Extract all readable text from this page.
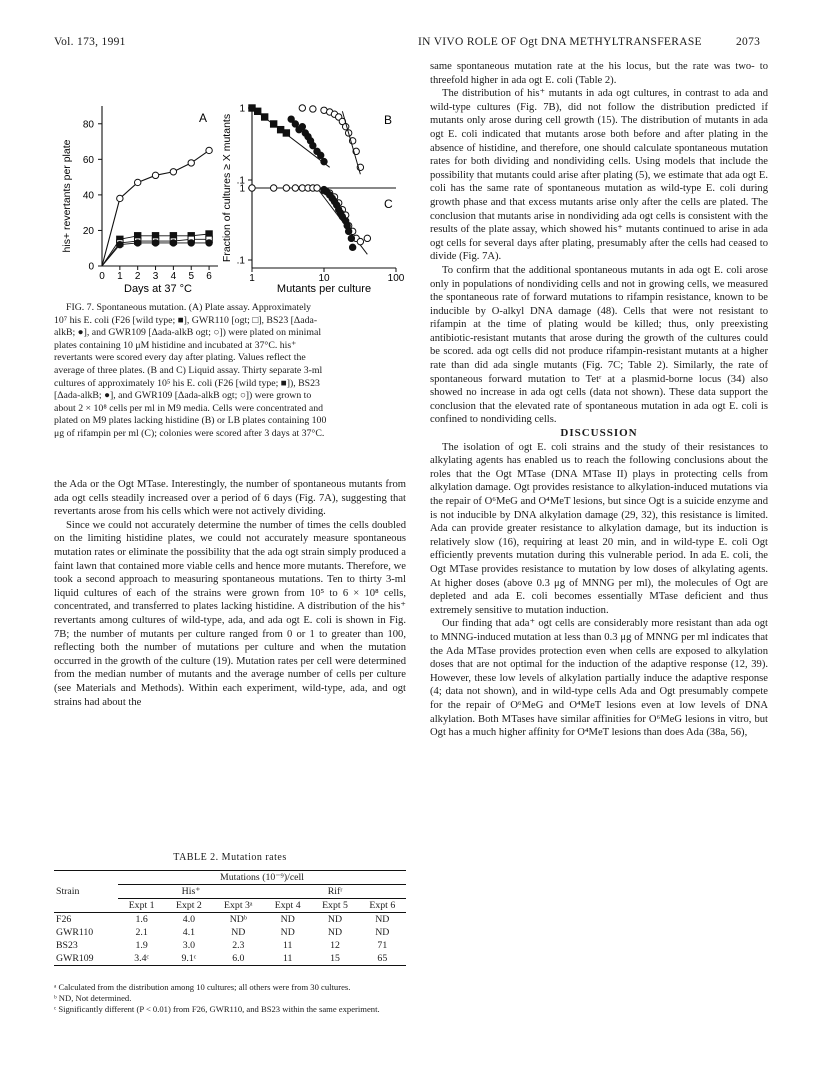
Vol. 173, 1991	IN VIVO ROLE OF Ogt DNA METHYLTRANSFERASE	2073
0
20
40
60
80
0 1 2 3 4 5 6
A
his+ revertants per plate
Days at 37 °C
1
.1
1
.1
1	10	100
B
C
Fraction of cultures ≥ X mutants
Mutants per culture
FIG. 7. Spontaneous mutation. (A) Plate assay. Approximately
10⁷ his E. coli (F26 [wild type; ■], GWR110 [ogt; □], BS23 [Δada-
alkB; ●], and GWR109 [Δada-alkB ogt; ○]) were plated on minimal
plates containing 10 μM histidine and incubated at 37°C. his⁺
revertants were scored every day after plating. Values reflect the
average of three plates. (B and C) Liquid assay. Thirty separate 3-ml
cultures of approximately 10⁵ his E. coli (F26 [wild type; ■]), BS23
[Δada-alkB; ●], and GWR109 [Δada-alkB ogt; ○]) were grown to
about 2 × 10⁸ cells per ml in M9 media. Cells were concentrated and
plated on M9 plates lacking histidine (B) or LB plates containing 100
μg of rifampin per ml (C); colonies were scored after 3 days at 37°C.

the Ada or the Ogt MTase. Interestingly, the number of spontaneous mutants from ada ogt cells steadily increased over a period of 6 days (Fig. 7A), suggesting that revertants arose from his cells which were not actively dividing.

Since we could not accurately determine the number of times the cells doubled on the limiting histidine plates, we could not accurately measure spontaneous mutation rates or eliminate the possibility that the ada ogt strain simply produced a faint lawn that contained more viable cells and hence more mutants. Therefore, we took a second approach to measuring spontaneous mutations. Ten to thirty 3-ml liquid cultures of each of the strains were grown from 10⁵ to 6 × 10⁸ cells, concentrated, and transferred to plates lacking histidine. A distribution of the his⁺ revertants among cultures of wild-type, ada, and ada ogt E. coli is shown in Fig. 7B; the number of mutants per culture ranged from 0 or 1 to greater than 100, reflecting both the number of mutations per culture and when the mutation occurred in the growth of the culture (19). Mutation rates per cell were determined from the median number of mutants and the average number of cells per culture (see Materials and Methods). Within each experiment, wild-type, ada, and ogt strains had about the

TABLE 2. Mutation rates
Strain	Mutations (10⁻⁹)/cell					
	His⁺			Rifʳ		
	Expt 1	Expt 2	Expt 3ᵃ	Expt 4	Expt 5	Expt 6
F26	1.6	4.0	NDᵇ	ND	ND	ND
GWR110	2.1	4.1	ND	ND	ND	ND
BS23	1.9	3.0	2.3	11	12	71
GWR109	3.4ᶜ	9.1ᶜ	6.0	11	15	65
ᵃ Calculated from the distribution among 10 cultures; all others were from 30 cultures.
ᵇ ND, Not determined.
ᶜ Significantly different (P < 0.01) from F26, GWR110, and BS23 within the same experiment.

same spontaneous mutation rate at the his locus, but the rate was two- to threefold higher in ada ogt E. coli (Table 2).

The distribution of his⁺ mutants in ada ogt cultures, in contrast to ada and wild-type cultures (Fig. 7B), did not follow the distribution predicted if mutants only arose during cell growth (15). The distribution of mutants in ada ogt E. coli indicated that mutants arose both before and after plating in the absence of histidine, and therefore, one should calculate spontaneous mutation rates for both dividing and nondividing cells. Using models that include the possibility that mutants could arise after plating (5), we estimate that ada ogt E. coli has the same rate of spontaneous mutation as wild-type E. coli during growth phase and that excess mutants arise only after the cells are plated. The conclusion that mutants arise in nondividing ada ogt cells is consistent with the results of the plate assay, which showed his⁺ mutants continued to arise in ada ogt cells for several days after plating, presumably after the cells had ceased to divide (Fig. 7A).

To confirm that the additional spontaneous mutants in ada ogt E. coli arose only in populations of nondividing cells and not in growing cells, we measured the spontaneous rate of forward mutations to rifampin resistance, known to be inducible by O-alkyl DNA damage (48). Cells that were not resistant to rifampin at the time of plating would be killed; thus, only preexisting antibiotic-resistant mutants that arose during the growth of the cultures could be scored. ada ogt cells did not produce rifampin-resistant mutants at a higher rate than did ada single mutants (Fig. 7C; Table 2). Similarly, the rate of spontaneous forward mutation to Tetʳ at a plasmid-borne locus (34) also showed no increase in ada ogt cells (data not shown). These data support the conclusion that the elevated rate of spontaneous mutation in ada ogt E. coli is confined to nondividing cells.

DISCUSSION

The isolation of ogt E. coli strains and the study of their resistances to alkylating agents has enabled us to reach the following conclusions about the roles that the Ogt MTase (DNA MTase II) plays in protecting cells from alkylation damage. Ogt provides resistance to alkylation-induced mutations via the repair of O⁶MeG and O⁴MeT lesions, but since Ogt is a suicide enzyme and is not inducible by DNA alkylation damage (29, 32), this resistance is limited. Ada can provide greater resistance to alkylation damage, but its induction is relatively slow (16), requiring at least 20 min, and in wild-type E. coli Ogt efficiently prevents mutation during this vulnerable period. In ada E. coli, the Ogt MTase provides resistance to mutation by low doses of alkylating agents. At higher doses (above 0.3 μg of MNNG per ml), the molecules of Ogt are depleted and ada E. coli becomes essentially MTase deficient and thus extremely sensitive to mutation induction.

Our finding that ada⁺ ogt cells are considerably more resistant than ada ogt to MNNG-induced mutation at less than 0.3 μg of MNNG per ml indicates that the Ada MTase provides protection even when cells are exposed to alkylation doses that are not optimal for the induction of the adaptive response (12, 39). However, these low levels of alkylation partially induce the adaptive response (4; data not shown), and in wild-type cells Ada and Ogt presumably compete for the repair of O⁶MeG and O⁴MeT lesions even at low levels of DNA alkylation. Both MTases have similar affinities for O⁶MeG lesions in vitro, but Ogt has a much higher affinity for O⁴MeT lesions than does Ada (38a, 56),
